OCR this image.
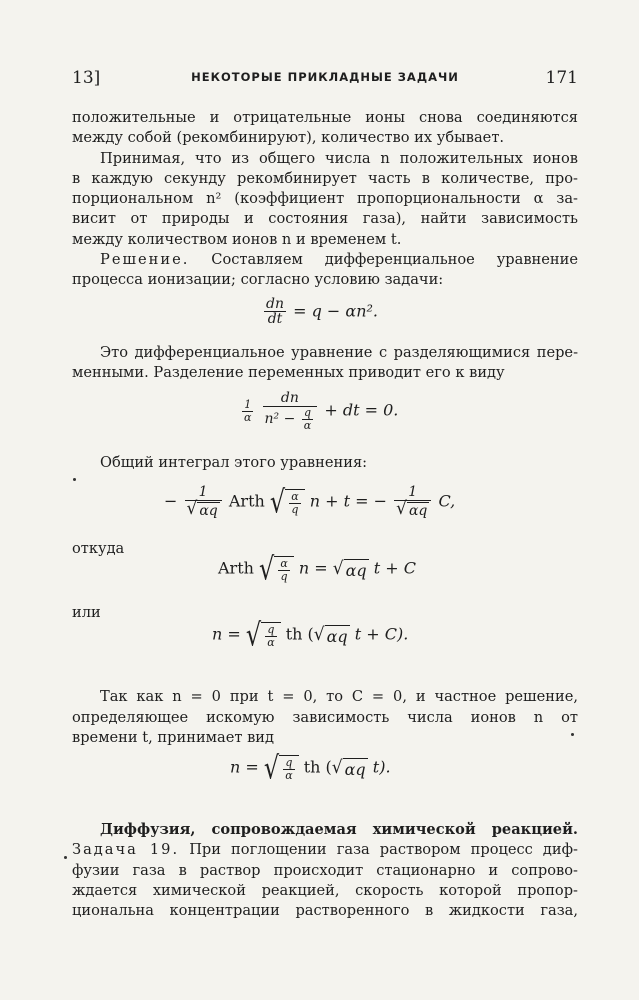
13]	НЕКОТОРЫЕ ПРИКЛАДНЫЕ ЗАДАЧИ	171
положительные и отрицательные ионы снова соединяются
между собой (рекомбинируют), количество их убывает.
Принимая, что из общего числа n положительных ионов
в каждую секунду рекомбинирует часть в количестве, про-
порциональном n² (коэффициент пропорциональности α за-
висит от природы и состояния газа), найти зависимость
между количеством ионов n и временем t.
Решение. Составляем дифференциальное уравнение
процесса ионизации; согласно условию задачи:
$\frac{dn}{dt} = q - \alpha n^2$.
Это дифференциальное уравнение с разделяющимися пере-
менными. Разделение переменных приводит его к виду
$\frac{1}{\alpha}$
$\frac{dn}{n^2 - \frac{q}{\alpha}}$ + dt = 0.
Общий интеграл этого уравнения:
− $\frac{1}{√ \alpha q}$ Arth √ $\frac{\alpha}{q}$ n + t = − $\frac{1}{√ \alpha q} C$,
откуда
Arth √ $\frac{\alpha}{q}$ n = √ αq t + C
или
n = √ $\frac{q}{\alpha}$ th (√ αq t + C).
Так как n = 0 при t = 0, то C = 0, и частное решение,
определяющее искомую зависимость числа ионов n от
времени t, принимает вид
n = √ $\frac{q}{\alpha}$ th (√ αq t).
Диффузия, сопровождаемая химической реакцией.
Задача 19. При поглощении газа раствором процесс диф-
фузии газа в раствор происходит стационарно и сопрово-
ждается химической реакцией, скорость которой пропор-
циональна концентрации растворенного в жидкости газа,
